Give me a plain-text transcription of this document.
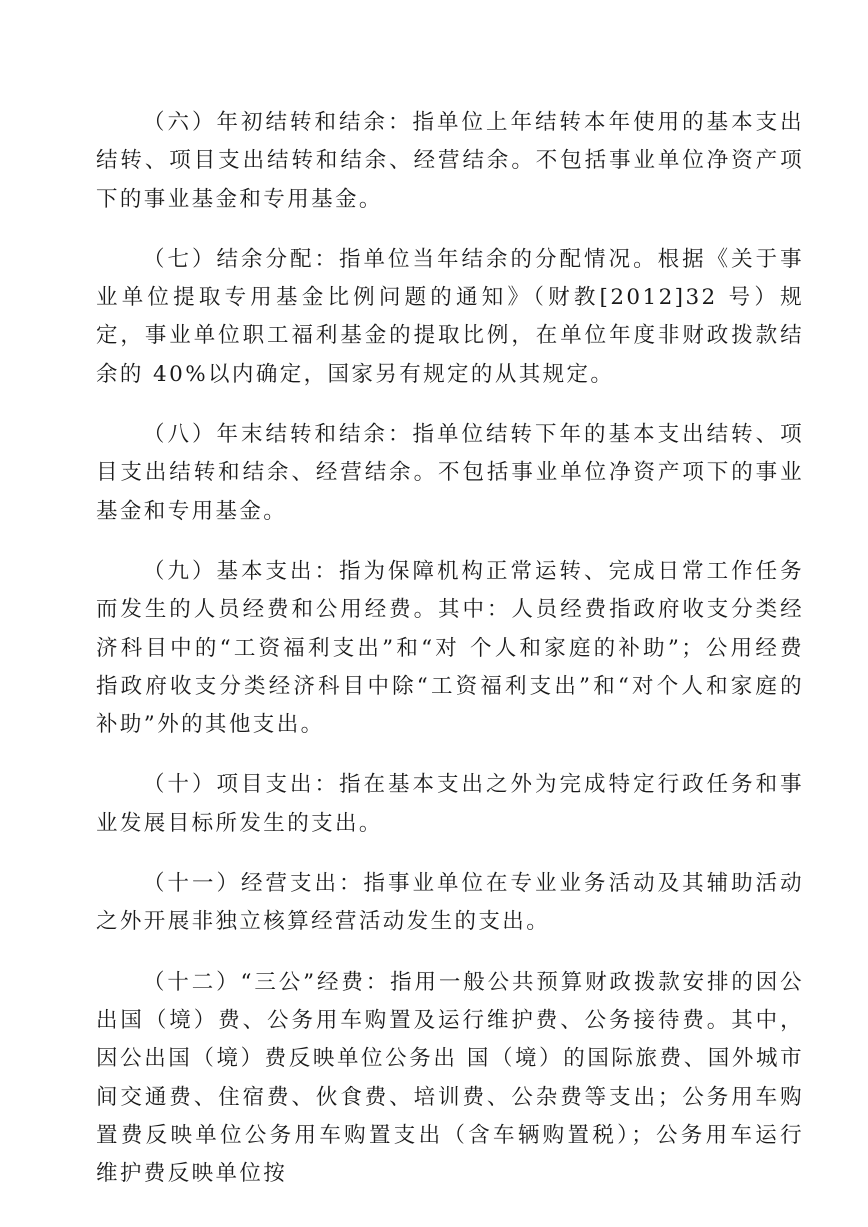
（六）年初结转和结余：指单位上年结转本年使用的基本支出结转、项目支出结转和结余、经营结余。不包括事业单位净资产项下的事业基金和专用基金。

（七）结余分配：指单位当年结余的分配情况。根据《关于事业单位提取专用基金比例问题的通知》（财教[2012]32 号）规定，事业单位职工福利基金的提取比例，在单位年度非财政拨款结余的 40%以内确定，国家另有规定的从其规定。

（八）年末结转和结余：指单位结转下年的基本支出结转、项目支出结转和结余、经营结余。不包括事业单位净资产项下的事业基金和专用基金。

（九）基本支出：指为保障机构正常运转、完成日常工作任务而发生的人员经费和公用经费。其中：人员经费指政府收支分类经济科目中的“工资福利支出”和“对 个人和家庭的补助”；公用经费指政府收支分类经济科目中除“工资福利支出”和“对个人和家庭的补助”外的其他支出。

（十）项目支出：指在基本支出之外为完成特定行政任务和事业发展目标所发生的支出。

（十一）经营支出：指事业单位在专业业务活动及其辅助活动之外开展非独立核算经营活动发生的支出。

（十二）“三公”经费：指用一般公共预算财政拨款安排的因公出国（境）费、公务用车购置及运行维护费、公务接待费。其中，因公出国（境）费反映单位公务出 国（境）的国际旅费、国外城市间交通费、住宿费、伙食费、培训费、公杂费等支出；公务用车购置费反映单位公务用车购置支出（含车辆购置税）；公务用车运行 维护费反映单位按
